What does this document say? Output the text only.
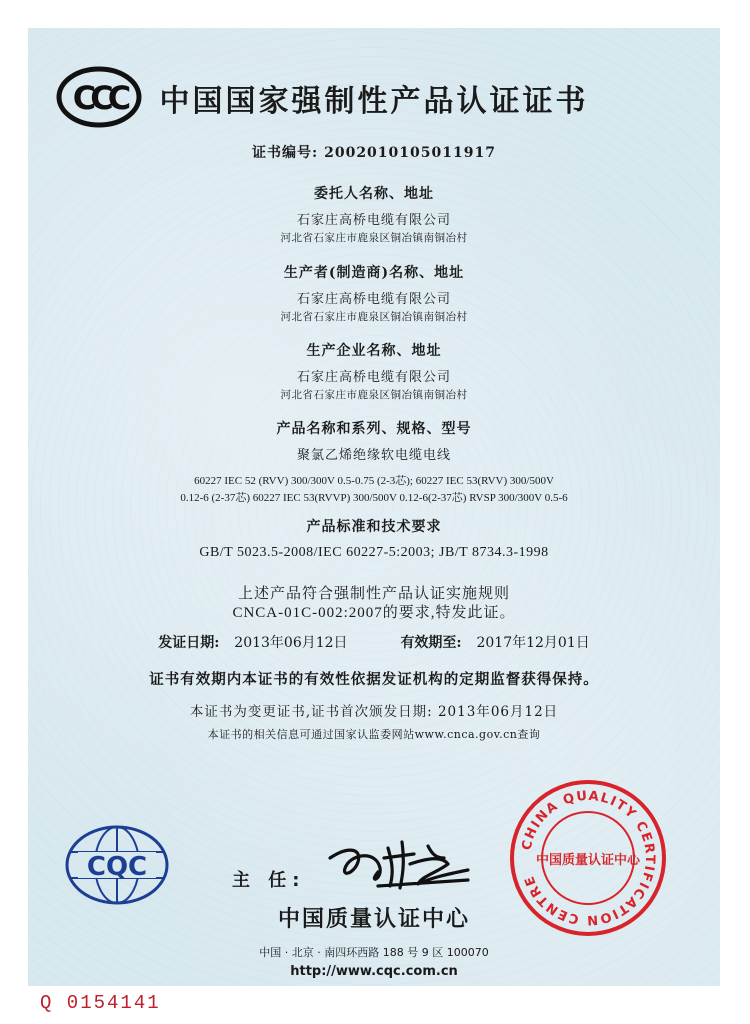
CCC	中国国家强制性产品认证证书
证书编号: 2002010105011917
委托人名称、地址
石家庄高桥电缆有限公司
河北省石家庄市鹿泉区铜冶镇南铜冶村
生产者(制造商)名称、地址
石家庄高桥电缆有限公司
河北省石家庄市鹿泉区铜冶镇南铜冶村
生产企业名称、地址
石家庄高桥电缆有限公司
河北省石家庄市鹿泉区铜冶镇南铜冶村
产品名称和系列、规格、型号
聚氯乙烯绝缘软电缆电线
60227 IEC 52 (RVV) 300/300V 0.5-0.75 (2-3芯); 60227 IEC 53(RVV) 300/500V
0.12-6 (2-37芯) 60227 IEC 53(RVVP) 300/500V 0.12-6(2-37芯) RVSP 300/300V 0.5-6
产品标准和技术要求
GB/T 5023.5-2008/IEC 60227-5:2003; JB/T 8734.3-1998
上述产品符合强制性产品认证实施规则
CNCA-01C-002:2007的要求,特发此证。
发证日期: 2013年06月12日	有效期至: 2017年12月01日
证书有效期内本证书的有效性依据发证机构的定期监督获得保持。
本证书为变更证书,证书首次颁发日期: 2013年06月12日
本证书的相关信息可通过国家认监委网站www.cnca.gov.cn查询
CQC	主 任:
CHINA QUALITY CERTIFICATION CENTRE
中国质量认证中心
中国质量认证中心
中国 · 北京 · 南四环西路 188 号 9 区 100070
http://www.cqc.com.cn
Q 0154141
